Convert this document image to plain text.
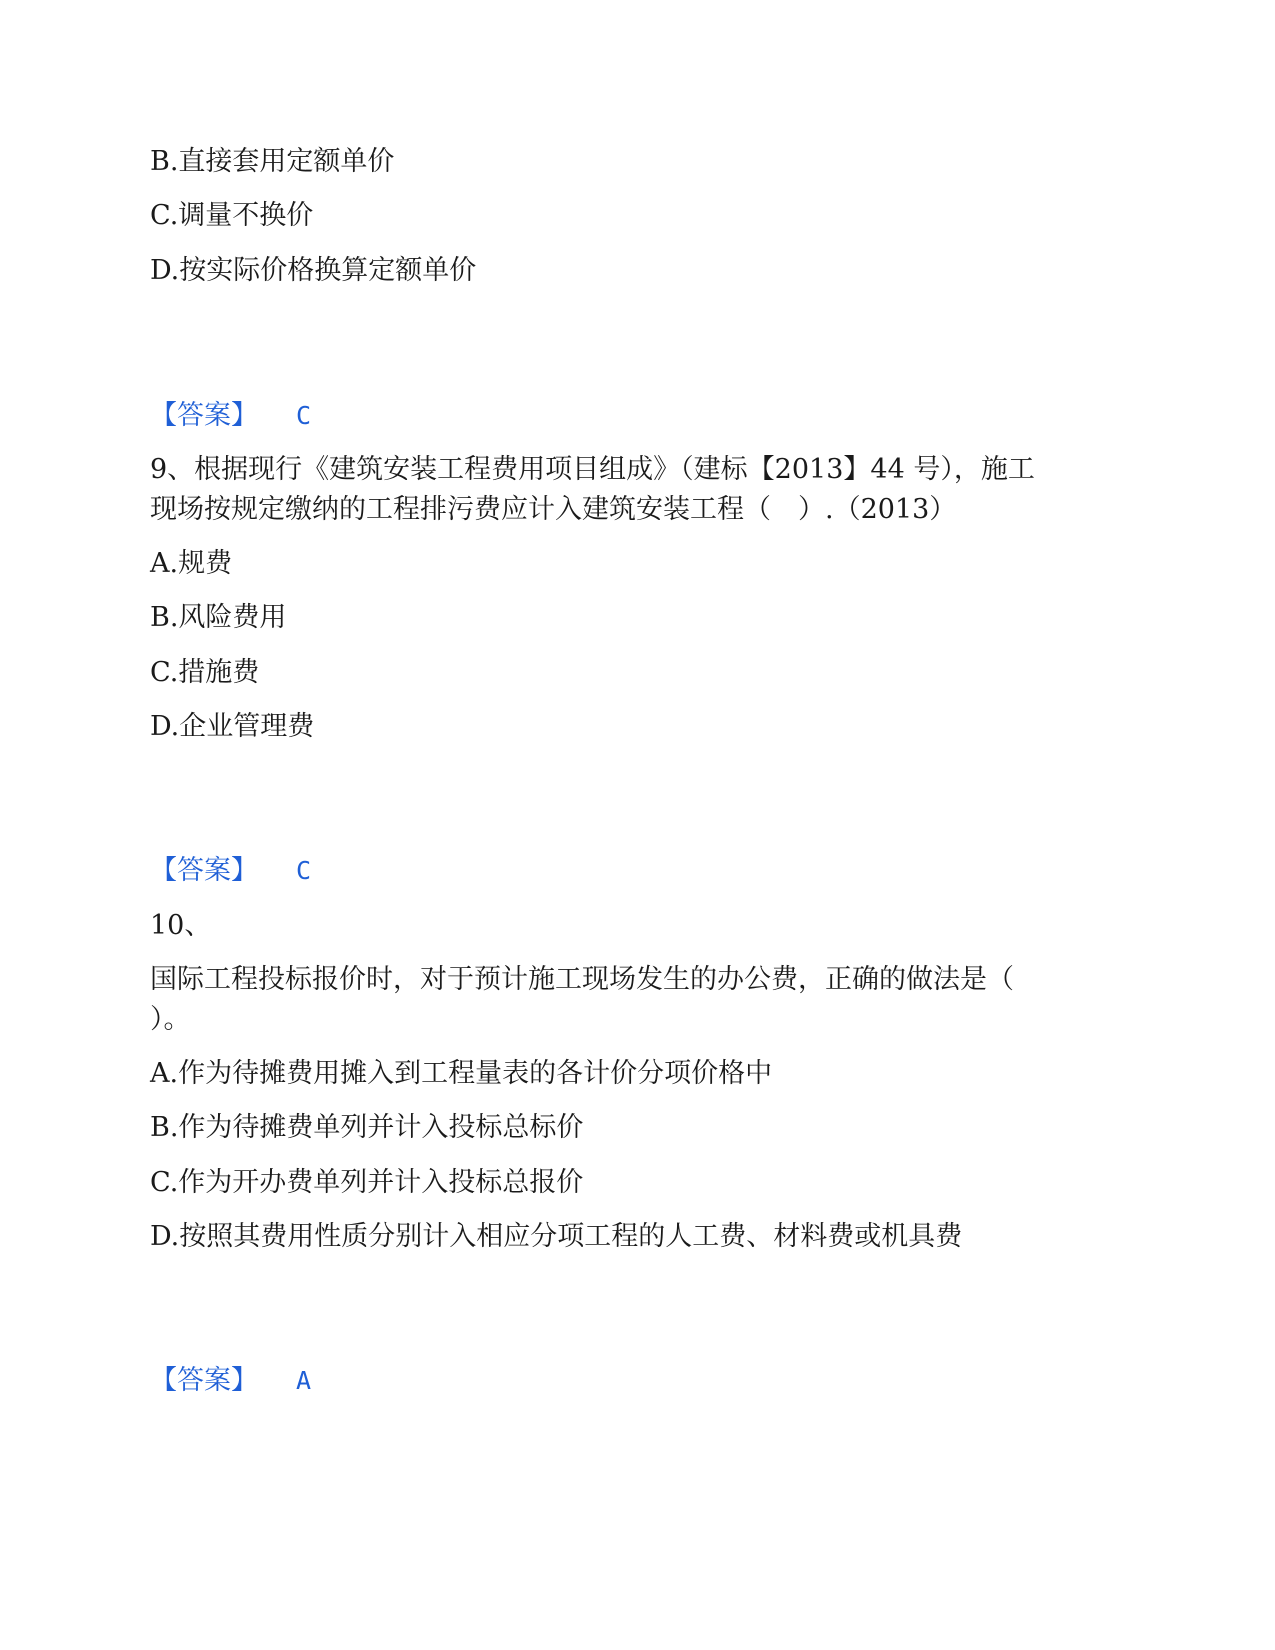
B.直接套用定额单价
C.调量不换价
D.按实际价格换算定额单价
【答案】 C
9、根据现行《建筑安装工程费用项目组成》（建标【2013】44 号），施工
现场按规定缴纳的工程排污费应计入建筑安装工程（　）.（2013）
A.规费
B.风险费用
C.措施费
D.企业管理费
【答案】 C
10、
国际工程投标报价时，对于预计施工现场发生的办公费，正确的做法是（
）。
A.作为待摊费用摊入到工程量表的各计价分项价格中
B.作为待摊费单列并计入投标总标价
C.作为开办费单列并计入投标总报价
D.按照其费用性质分别计入相应分项工程的人工费、材料费或机具费
【答案】 A
